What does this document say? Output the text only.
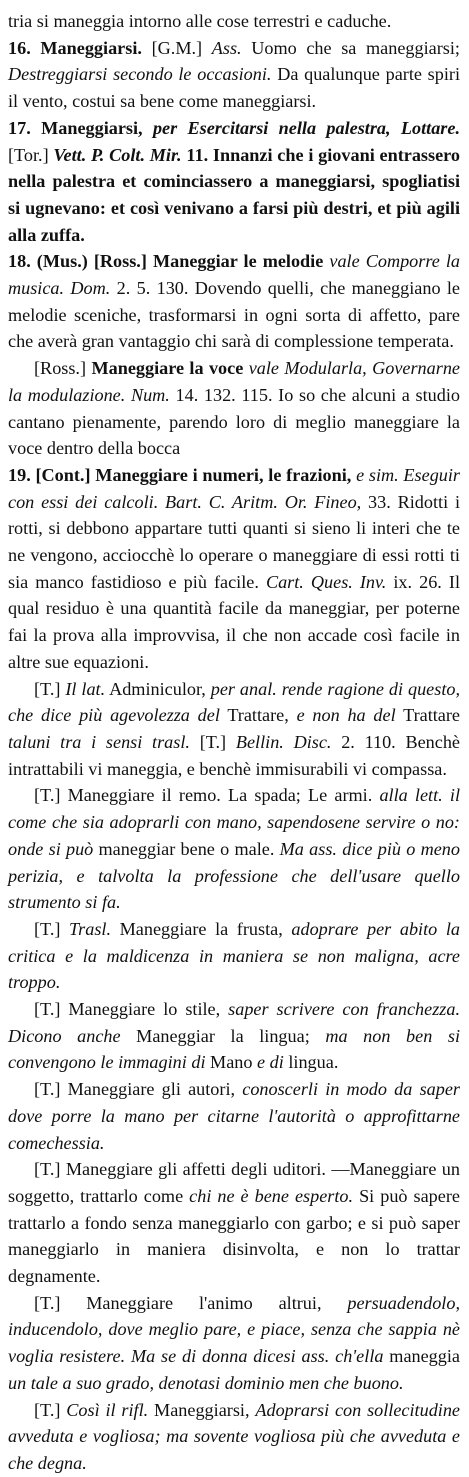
tria si maneggia intorno alle cose terrestri e caduche.

16. Maneggiarsi. [G.M.] Ass. Uomo che sa maneggiarsi; Destreggiarsi secondo le occasioni. Da qualunque parte spiri il vento, costui sa bene come maneggiarsi.

17. Maneggiarsi, per Esercitarsi nella palestra, Lottare. [Tor.] Vett. P. Colt. Mir. 11. Innanzi che i giovani entrassero nella palestra et cominciassero a maneggiarsi, spogliatisi si ugnevano: et così venivano a farsi più destri, et più agili alla zuffa.

18. (Mus.) [Ross.] Maneggiar le melodie vale Comporre la musica. Dom. 2. 5. 130. Dovendo quelli, che maneggiano le melodie sceniche, trasformarsi in ogni sorta di affetto, pare che averà gran vantaggio chi sarà di complessione temperata.

[Ross.] Maneggiare la voce vale Modularla, Governarne la modulazione. Num. 14. 132. 115. Io so che alcuni a studio cantano pienamente, parendo loro di meglio maneggiare la voce dentro della bocca

19. [Cont.] Maneggiare i numeri, le frazioni, e sim. Eseguir con essi dei calcoli. Bart. C. Aritm. Or. Fineo, 33. Ridotti i rotti, si debbono appartare tutti quanti si sieno li interi che te ne vengono, acciocchè lo operare o maneggiare di essi rotti ti sia manco fastidioso e più facile. Cart. Ques. Inv. ix. 26. Il qual residuo è una quantità facile da maneggiar, per poterne fai la prova alla improvvisa, il che non accade così facile in altre sue equazioni.

[T.] Il lat. Adminiculor, per anal. rende ragione di questo, che dice più agevolezza del Trattare, e non ha del Trattare taluni tra i sensi trasl. [T.] Bellin. Disc. 2. 110. Benchè intrattabili vi maneggia, e benchè immisurabili vi compassa.

[T.] Maneggiare il remo. La spada; Le armi. alla lett. il come che sia adoprarli con mano, sapendosene servire o no: onde si può maneggiar bene o male. Ma ass. dice più o meno perizia, e talvolta la professione che dell'usare quello strumento si fa.

[T.] Trasl. Maneggiare la frusta, adoprare per abito la critica e la maldicenza in maniera se non maligna, acre troppo.

[T.] Maneggiare lo stile, saper scrivere con franchezza. Dicono anche Maneggiar la lingua; ma non ben si convengono le immagini di Mano e di lingua.

[T.] Maneggiare gli autori, conoscerli in modo da saper dove porre la mano per citarne l'autorità o approfittarne comechessia.

[T.] Maneggiare gli affetti degli uditori. —Maneggiare un soggetto, trattarlo come chi ne è bene esperto. Si può sapere trattarlo a fondo senza maneggiarlo con garbo; e si può saper maneggiarlo in maniera disinvolta, e non lo trattar degnamente.

[T.] Maneggiare l'animo altrui, persuadendolo, inducendolo, dove meglio pare, e piace, senza che sappia nè voglia resistere. Ma se di donna dicesi ass. ch'ella maneggia un tale a suo grado, denotasi dominio men che buono.

[T.] Così il rifl. Maneggiarsi, Adoprarsi con sollecitudine avveduta e vogliosa; ma sovente vogliosa più che avveduta e che degna.
